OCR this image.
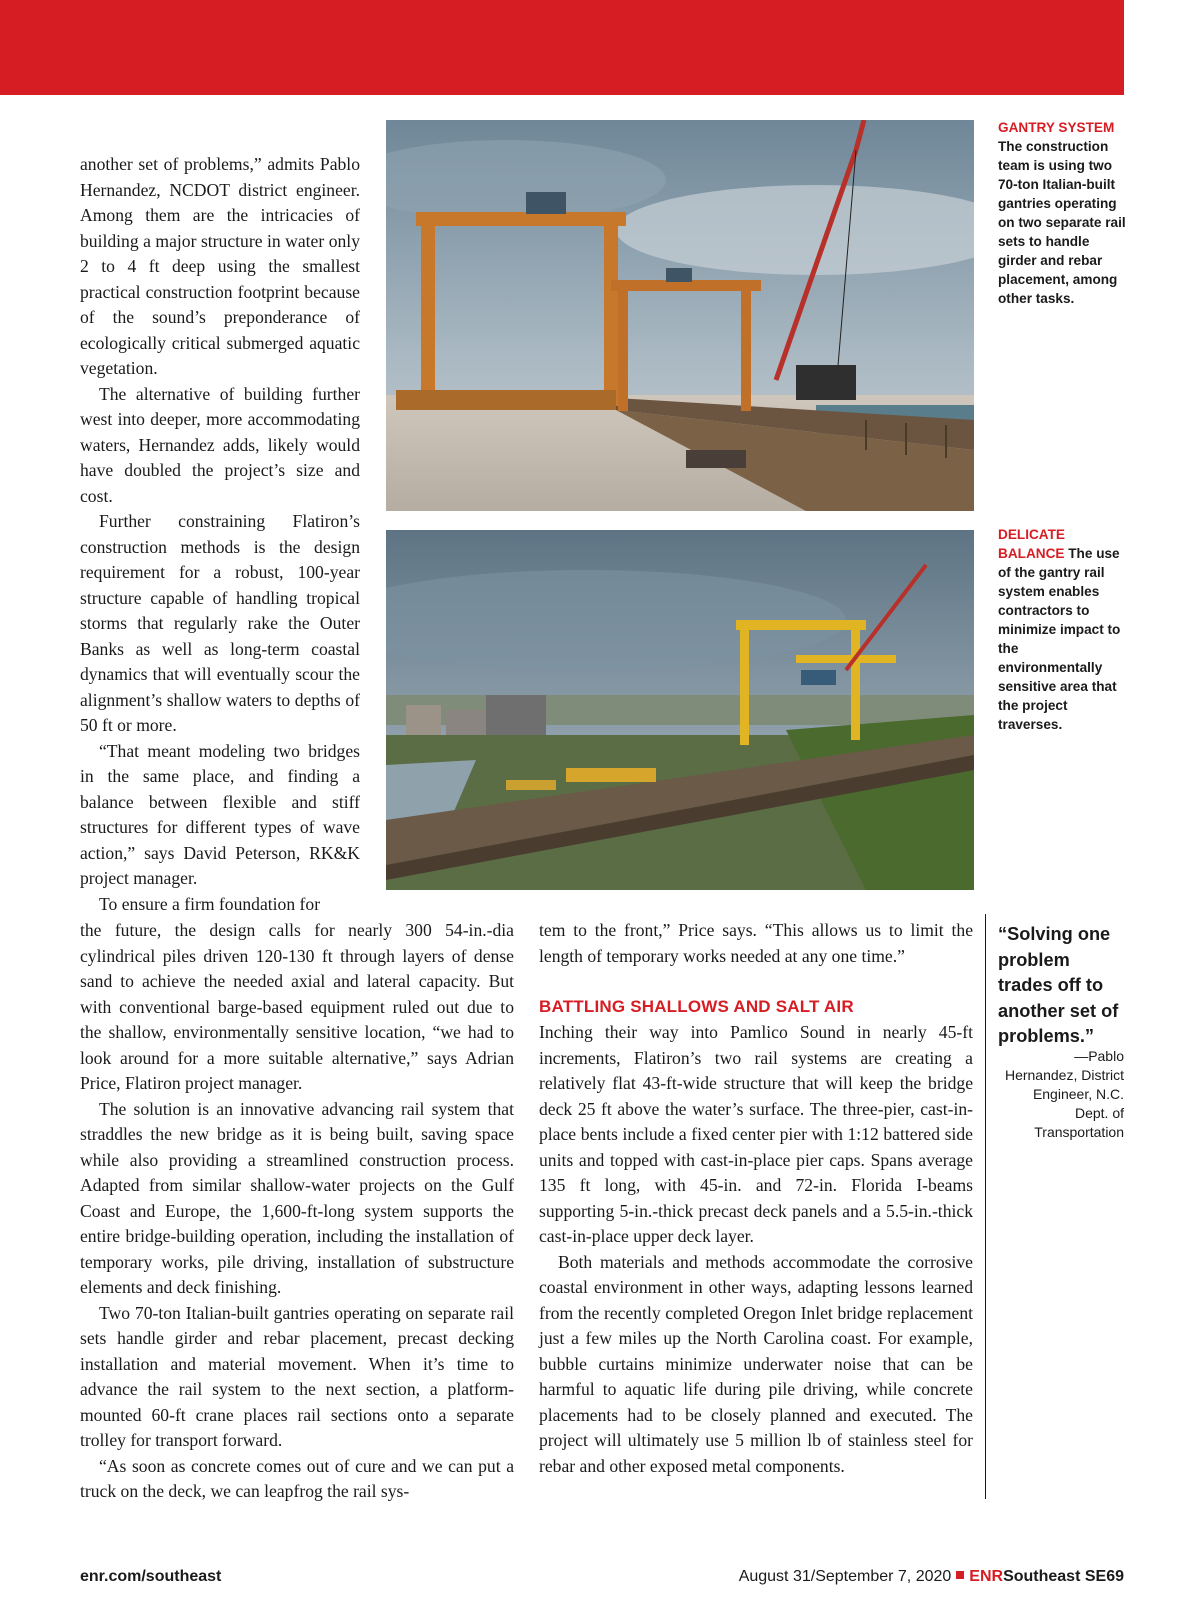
another set of problems,” admits Pablo Hernandez, NCDOT district engineer. Among them are the intricacies of building a major structure in water only 2 to 4 ft deep using the smallest practical construction footprint because of the sound’s preponderance of ecologically critical submerged aquatic vegetation.

The alternative of building further west into deeper, more accommodating waters, Hernandez adds, likely would have doubled the project’s size and cost.

Further constraining Flatiron’s construction methods is the design requirement for a robust, 100-year structure capable of handling tropical storms that regularly rake the Outer Banks as well as long-term coastal dynamics that will eventually scour the alignment’s shallow waters to depths of 50 ft or more.

“That meant modeling two bridges in the same place, and finding a balance between flexible and stiff structures for different types of wave action,” says David Peterson, RK&K project manager.

To ensure a firm foundation for

GANTRY SYSTEM
The construction team is using two 70-ton Italian-built gantries operating on two separate rail sets to handle girder and rebar placement, among other tasks.
DELICATE BALANCE The use of the gantry rail system enables contractors to minimize impact to the environmentally sensitive area that the project traverses.

the future, the design calls for nearly 300 54-in.-dia cylindrical piles driven 120-130 ft through layers of dense sand to achieve the needed axial and lateral capacity. But with conventional barge-based equipment ruled out due to the shallow, environmentally sensitive location, “we had to look around for a more suitable alternative,” says Adrian Price, Flatiron project manager.

The solution is an innovative advancing rail system that straddles the new bridge as it is being built, saving space while also providing a streamlined construction process. Adapted from similar shallow-water projects on the Gulf Coast and Europe, the 1,600-ft-long system supports the entire bridge-building operation, including the installation of temporary works, pile driving, installation of substructure elements and deck finishing.

Two 70-ton Italian-built gantries operating on separate rail sets handle girder and rebar placement, precast decking installation and material movement. When it’s time to advance the rail system to the next section, a platform-mounted 60-ft crane places rail sections onto a separate trolley for transport forward.

“As soon as concrete comes out of cure and we can put a truck on the deck, we can leapfrog the rail sys-

tem to the front,” Price says. “This allows us to limit the length of temporary works needed at any one time.”

BATTLING SHALLOWS AND SALT AIR

Inching their way into Pamlico Sound in nearly 45-ft increments, Flatiron’s two rail systems are creating a relatively flat 43-ft-wide structure that will keep the bridge deck 25 ft above the water’s surface. The three-pier, cast-in-place bents include a fixed center pier with 1:12 battered side units and topped with cast-in-place pier caps. Spans average 135 ft long, with 45-in. and 72-in. Florida I-beams supporting 5-in.-thick precast deck panels and a 5.5-in.-thick cast-in-place upper deck layer.

Both materials and methods accommodate the corrosive coastal environment in other ways, adapting lessons learned from the recently completed Oregon Inlet bridge replacement just a few miles up the North Carolina coast. For example, bubble curtains minimize underwater noise that can be harmful to aquatic life during pile driving, while concrete placements had to be closely planned and executed. The project will ultimately use 5 million lb of stainless steel for rebar and other exposed metal components.

“Solving one problem trades off to another set of problems.”
—Pablo Hernandez, District Engineer, N.C. Dept. of Transportation
enr.com/southeast	August 31/September 7, 2020 ENRSoutheast SE69
